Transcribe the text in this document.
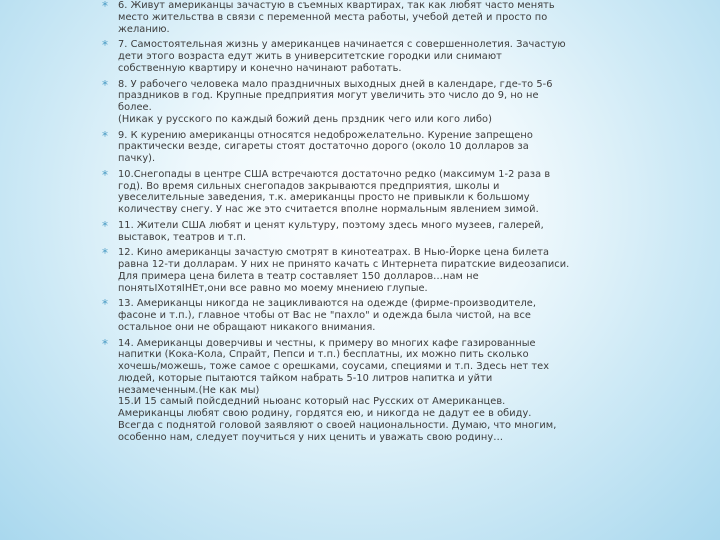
* 6. Живут американцы зачастую в съемных квартирах, так как любят часто менять
место жительства в связи с переменной места работы, учебой детей и просто по
желанию.
* 7. Самостоятельная жизнь у американцев начинается с совершеннолетия. Зачастую
дети этого возраста едут жить в университетские городки или снимают
собственную квартиру и конечно начинают работать.
* 8. У рабочего человека мало праздничных выходных дней в календаре, где-то 5-6
праздников в год. Крупные предприятия могут увеличить это число до 9, но не
более.
(Никак у русского по каждый божий день прздник чего или кого либо)
* 9. К курению американцы относятся недоброжелательно. Курение запрещено
практически везде, сигареты стоят достаточно дорого (около 10 долларов за
пачку).
* 10.Снегопады в центре США встречаются достаточно редко (максимум 1-2 раза в
год). Во время сильных снегопадов закрываются предприятия, школы и
увеселительные заведения, т.к. американцы просто не привыкли к большому
количеству снегу. У нас же это считается вполне нормальным явлением зимой.
* 11. Жители США любят и ценят культуру, поэтому здесь много музеев, галерей,
выставок, театров и т.п.
* 12. Кино американцы зачастую смотрят в кинотеатрах. В Нью-Йорке цена билета
равна 12-ти долларам. У них не принято качать с Интернета пиратские видеозаписи.
Для примера цена билета в театр составляет 150 долларов…нам не
понятьIХотяIНЕт,они все равно мо моему мнениею глупые.
* 13. Американцы никогда не зацикливаются на одежде (фирме-производителе,
фасоне и т.п.), главное чтобы от Вас не "пахло" и одежда была чистой, на все
остальное они не обращают никакого внимания.
* 14. Американцы доверчивы и честны, к примеру во многих кафе газированные
напитки (Кока-Кола, Спрайт, Пепси и т.п.) бесплатны, их можно пить сколько
хочешь/можешь, тоже самое с орешками, соусами, специями и т.п. Здесь нет тех
людей, которые пытаются тайком набрать 5-10 литров напитка и уйти
незамеченным.(Не как мы)
15.И 15 самый пойсдедний ньюанс который нас Русских от Американцев.
Американцы любят свою родину, гордятся ею, и никогда не дадут ее в обиду.
Всегда с поднятой головой заявляют о своей национальности. Думаю, что многим,
особенно нам, следует поучиться у них ценить и уважать свою родину…
